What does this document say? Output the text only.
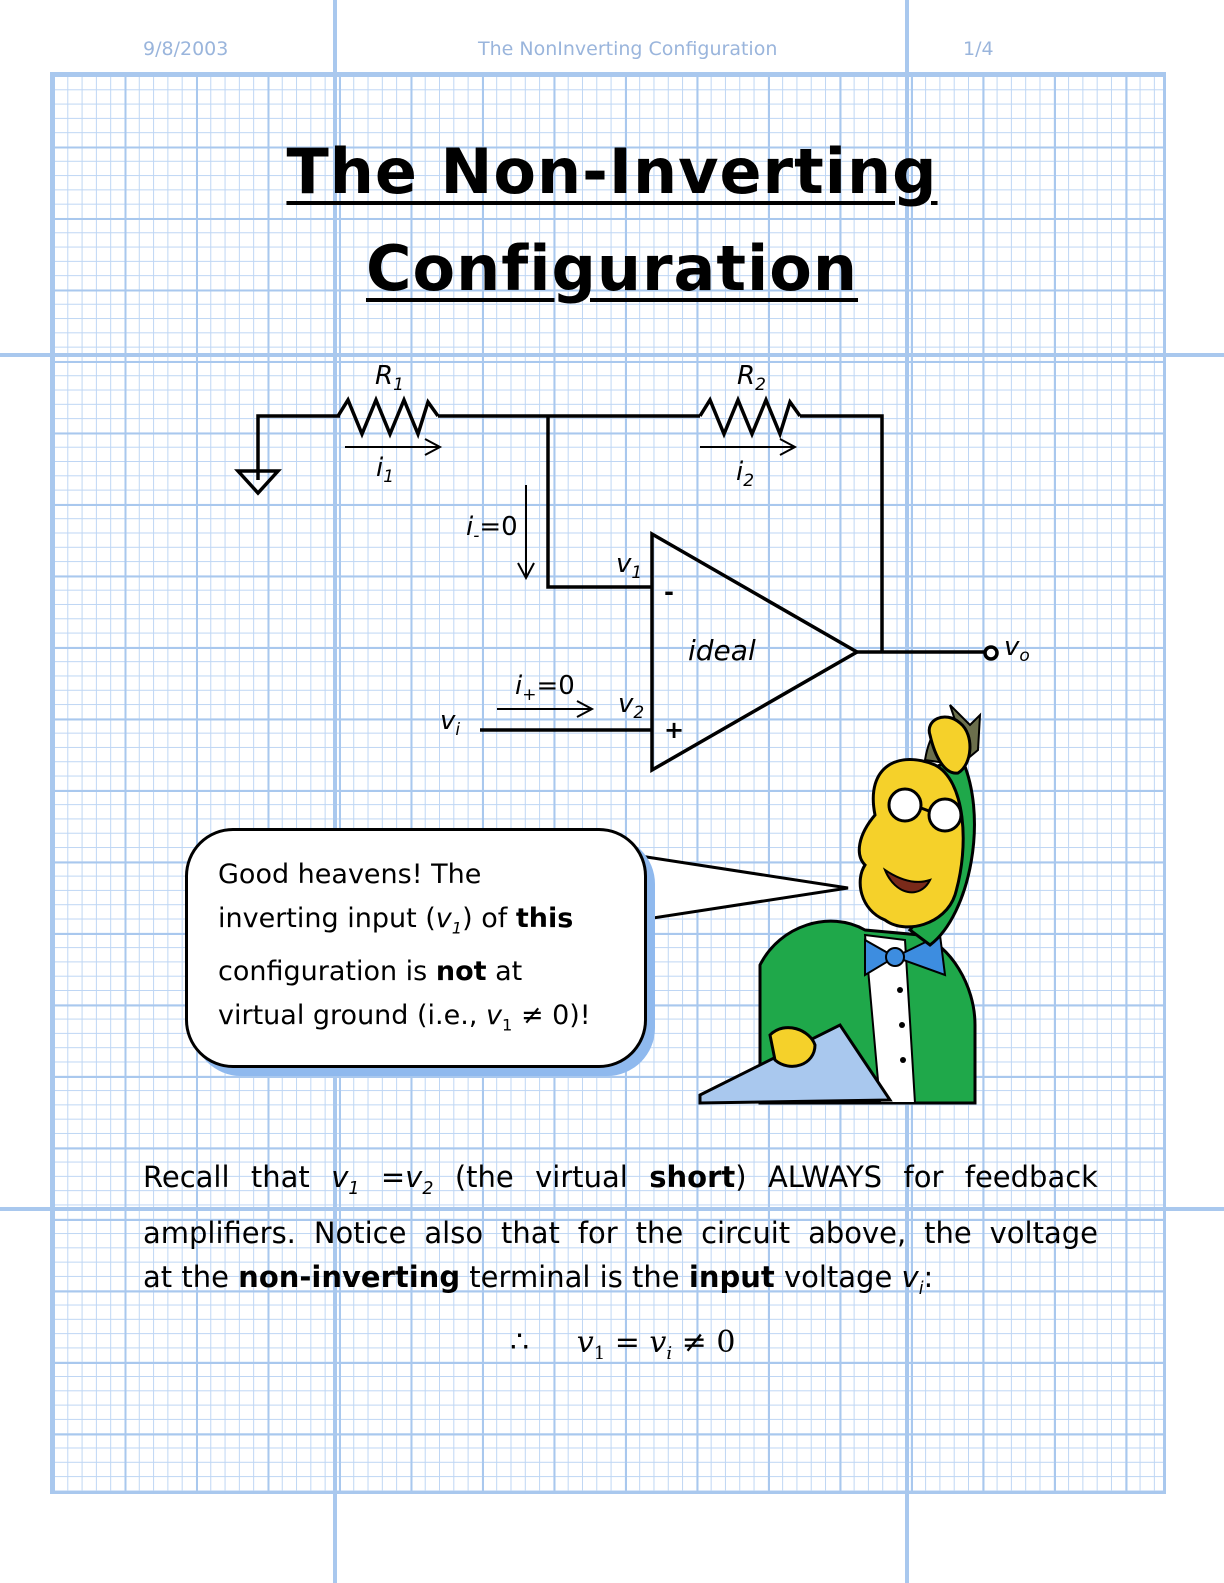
9/8/2003	The NonInverting Configuration	1/4
The Non-Inverting
Configuration
$R_1$	$R_2$
$i_1$	$i_2$
$i_-=0$
$i_+=0$
$v_1$
$v_2$
$v_i$
$v_o$
ideal
-
+
Good heavens! The
inverting input $(v_1)$ of this
configuration is not at
virtual ground (i.e., $v_1 \ne 0$)!
Recall that $v_1 =v_2$ (the virtual short) ALWAYS for feedback
amplifiers. Notice also that for the circuit above, the voltage
at the non-inverting terminal is the input voltage $v_i$:
∴ $v_1 = v_i \ne 0$
